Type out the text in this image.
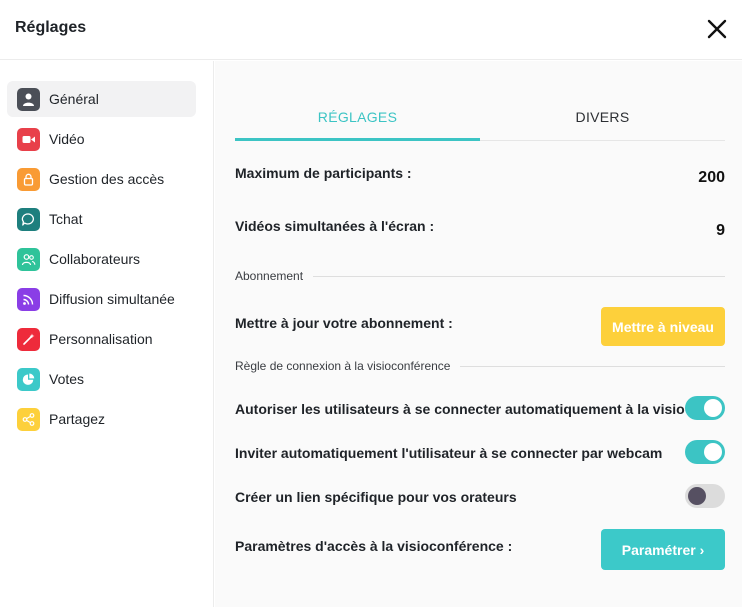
Réglages
Général
Vidéo
Gestion des accès
Tchat
Collaborateurs
Diffusion simultanée
Personnalisation
Votes
Partagez
RÉGLAGES	DIVERS
Maximum de participants :	200
Vidéos simultanées à l'écran :	9
Abonnement
Mettre à jour votre abonnement :	Mettre à niveau
Règle de connexion à la visioconférence
Autoriser les utilisateurs à se connecter automatiquement à la visio
Inviter automatiquement l'utilisateur à se connecter par webcam
Créer un lien spécifique pour vos orateurs
Paramètres d'accès à la visioconférence :	Paramétrer ›
